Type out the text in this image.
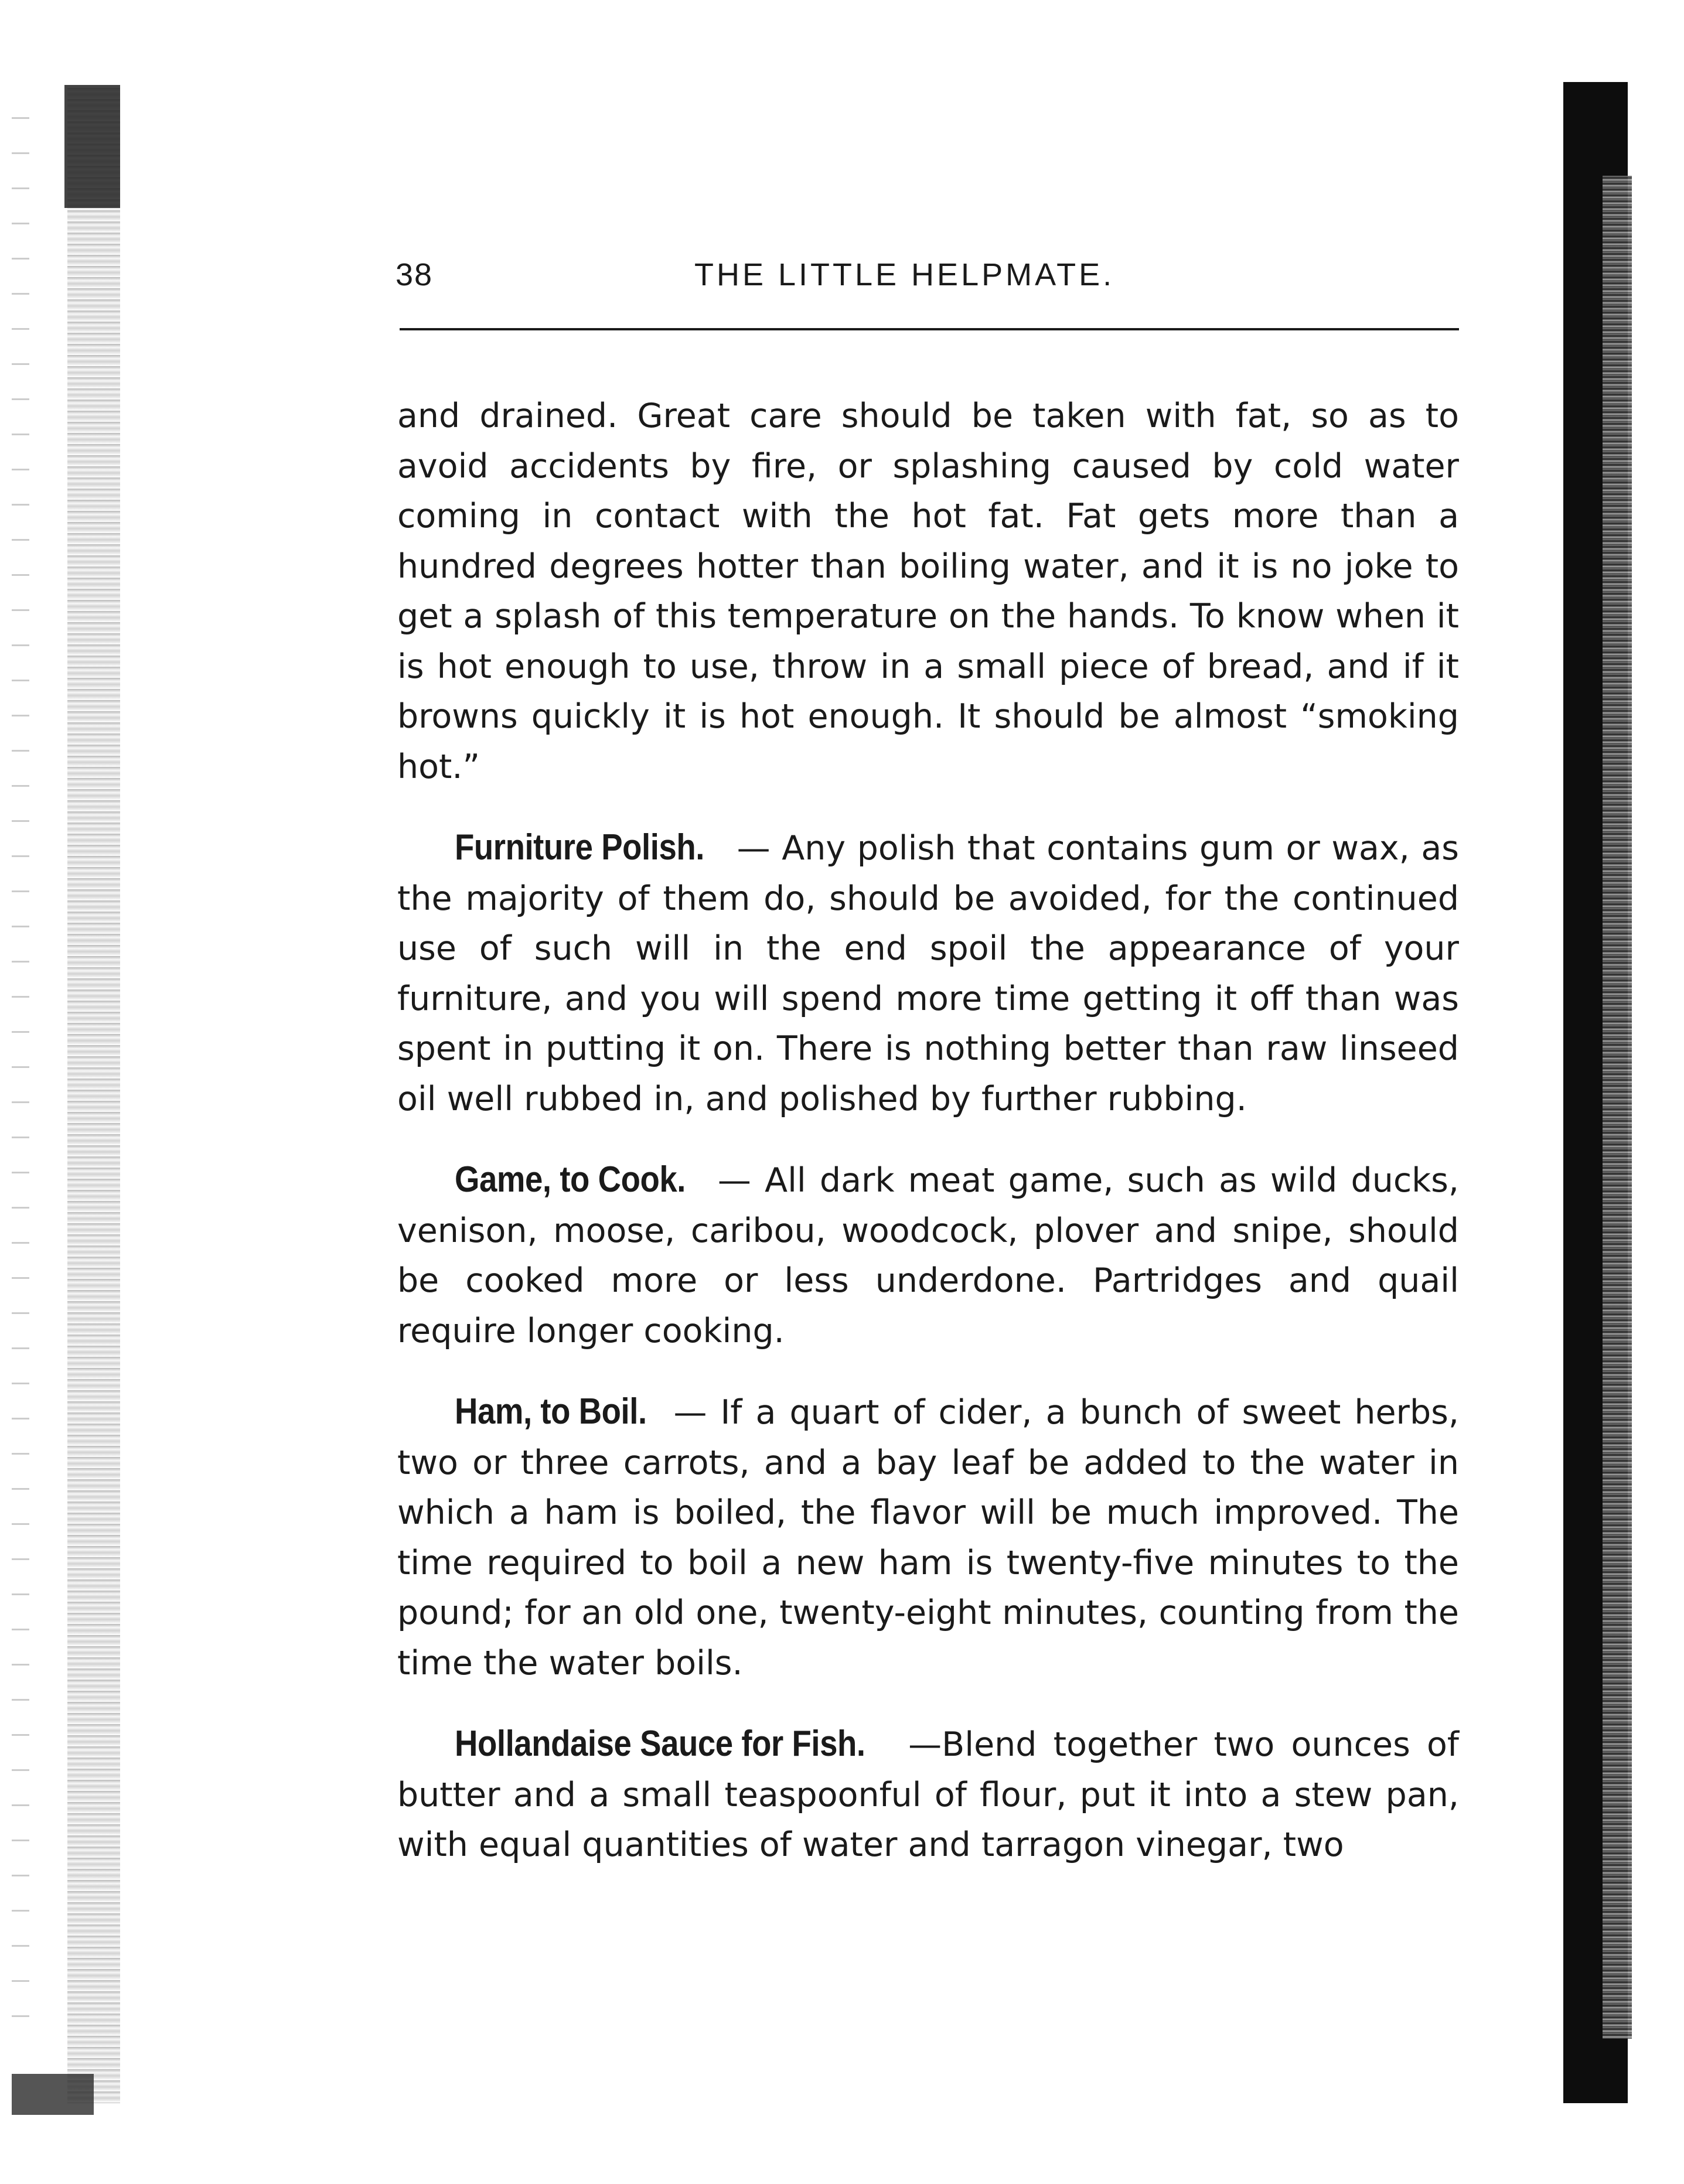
38	THE LITTLE HELPMATE.

and drained. Great care should be taken with fat, so as to avoid accidents by fire, or splashing caused by cold water coming in contact with the hot fat. Fat gets more than a hundred degrees hotter than boiling water, and it is no joke to get a splash of this temperature on the hands. To know when it is hot enough to use, throw in a small piece of bread, and if it browns quickly it is hot enough. It should be almost “smoking hot.”

Furniture Polish. — Any polish that contains gum or wax, as the majority of them do, should be avoided, for the continued use of such will in the end spoil the appearance of your furniture, and you will spend more time getting it off than was spent in putting it on. There is nothing better than raw linseed oil well rubbed in, and polished by further rubbing.

Game, to Cook. — All dark meat game, such as wild ducks, venison, moose, caribou, woodcock, plover and snipe, should be cooked more or less underdone. Partridges and quail require longer cooking.

Ham, to Boil. — If a quart of cider, a bunch of sweet herbs, two or three carrots, and a bay leaf be added to the water in which a ham is boiled, the flavor will be much improved. The time required to boil a new ham is twenty-five minutes to the pound; for an old one, twenty-eight minutes, counting from the time the water boils.

Hollandaise Sauce for Fish. —Blend together two ounces of butter and a small teaspoonful of flour, put it into a stew pan, with equal quantities of water and tarragon vinegar, two
